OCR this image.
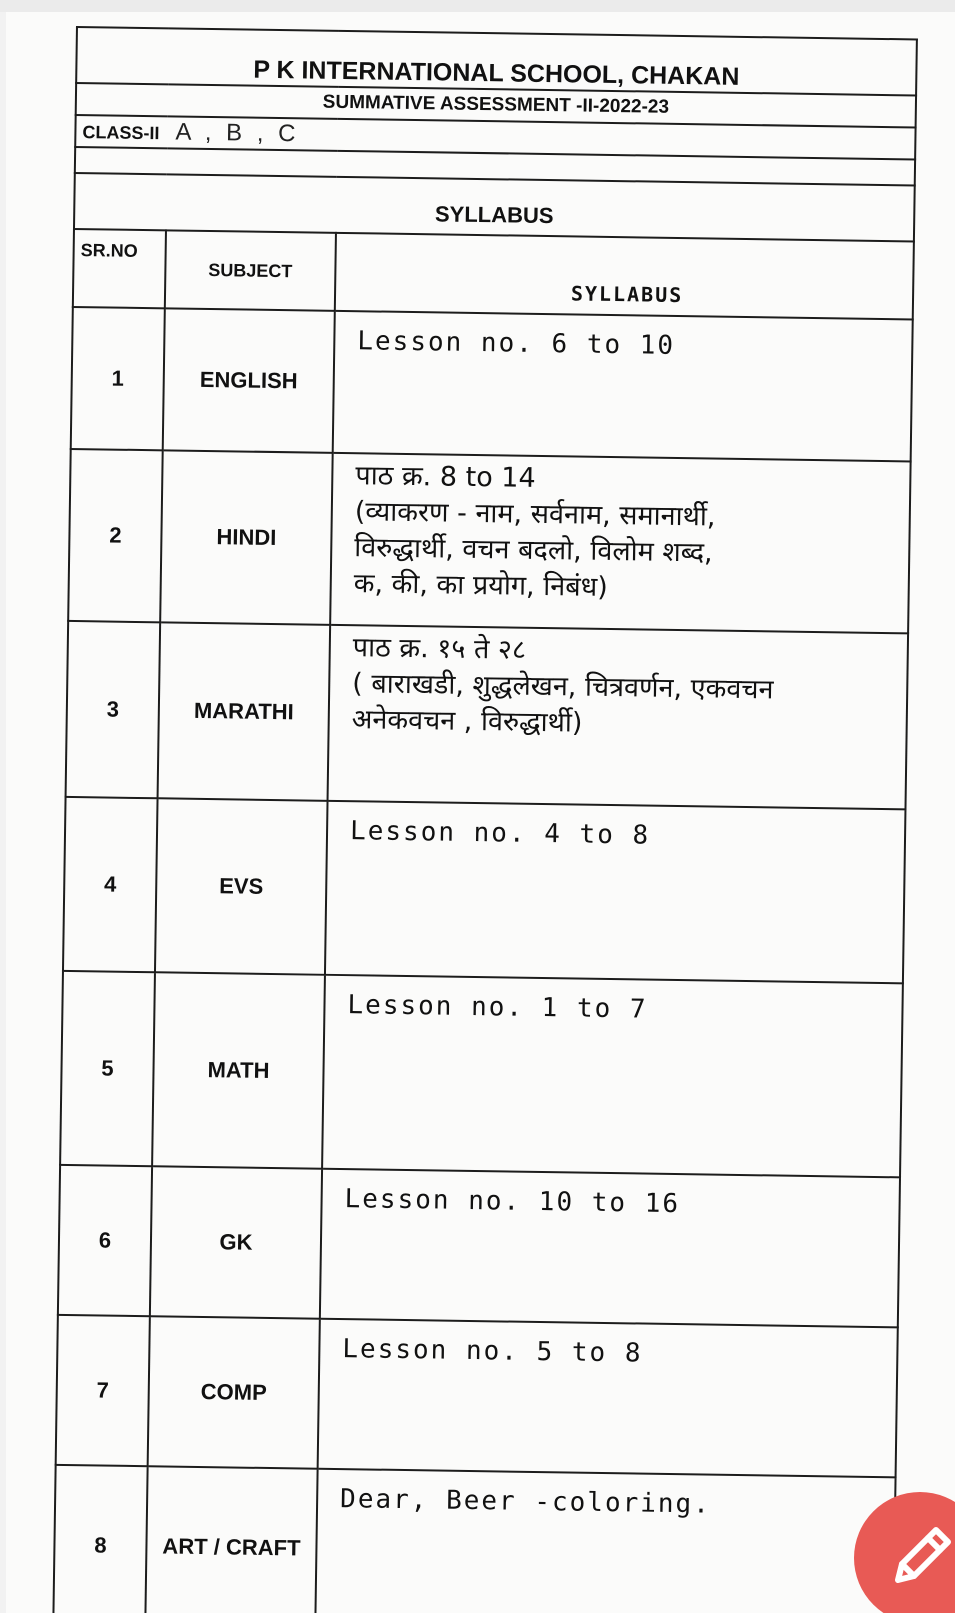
P K INTERNATIONAL SCHOOL, CHAKAN		
SUMMATIVE ASSESSMENT -II-2022-23		
CLASS-II A , B , C		

SYLLABUS		
SR.NO	SUBJECT	SYLLABUS
1	ENGLISH	Lesson no. 6 to 10

2	HINDI	पाठ क्र. 8 to 14
(व्याकरण - नाम, सर्वनाम, समानार्थी,
विरुद्धार्थी, वचन बदलो, विलोम शब्द,
क, की, का प्रयोग, निबंध)

3	MARATHI	पाठ क्र. १५ ते २८
( बाराखडी, शुद्धलेखन, चित्रवर्णन, एकवचन
अनेकवचन , विरुद्धार्थी)

4	EVS	Lesson no. 4 to 8

5	MATH	Lesson no. 1 to 7

6	GK	Lesson no. 10 to 16

7	COMP	Lesson no. 5 to 8

8	ART / CRAFT	Dear, Beer -coloring.
